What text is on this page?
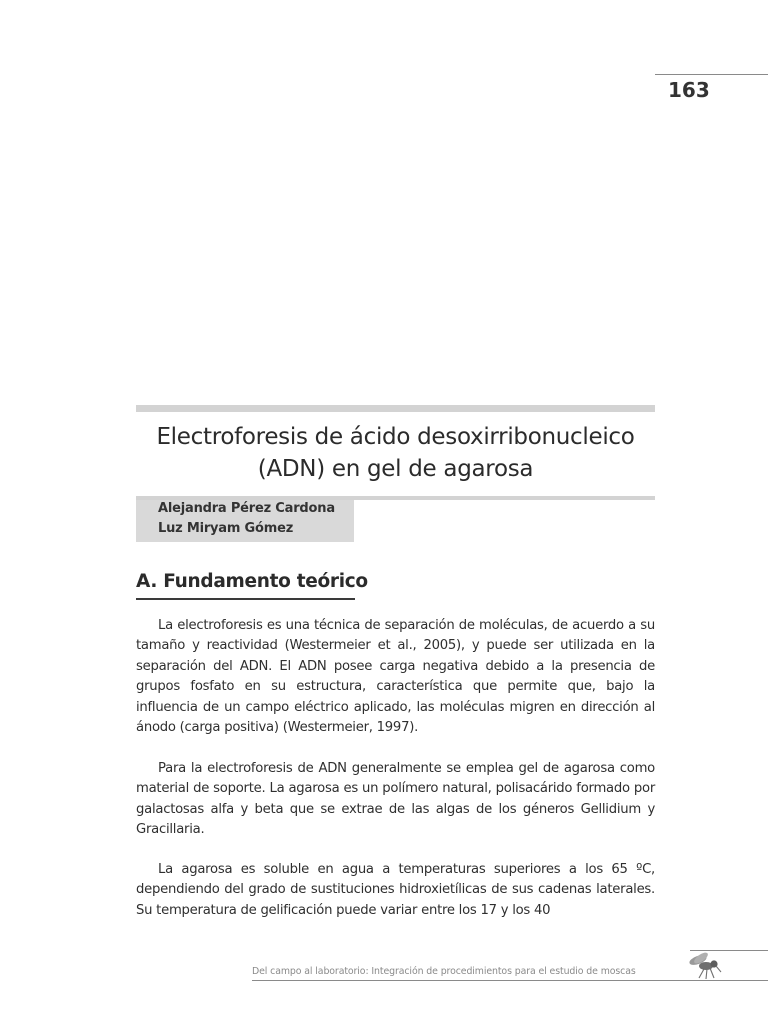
163
Electroforesis de ácido desoxirribonucleico (ADN) en gel de agarosa
Alejandra Pérez Cardona
Luz Miryam Gómez
A. Fundamento teórico

La electroforesis es una técnica de separación de moléculas, de acuerdo a su tamaño y reactividad (Westermeier et al., 2005), y puede ser utilizada en la separación del ADN. El ADN posee carga negativa debido a la presencia de grupos fosfato en su estructura, característica que permite que, bajo la influencia de un campo eléctrico aplicado, las moléculas migren en dirección al ánodo (carga positiva) (Westermeier, 1997).

Para la electroforesis de ADN generalmente se emplea gel de agarosa como material de soporte. La agarosa es un polímero natural, polisacárido formado por galactosas alfa y beta que se extrae de las algas de los géneros Gellidium y Gracillaria.

La agarosa es soluble en agua a temperaturas superiores a los 65 ºC, dependiendo del grado de sustituciones hidroxietílicas de sus cadenas laterales. Su temperatura de gelificación puede variar entre los 17 y los 40

Del campo al laboratorio: Integración de procedimientos para el estudio de moscas
